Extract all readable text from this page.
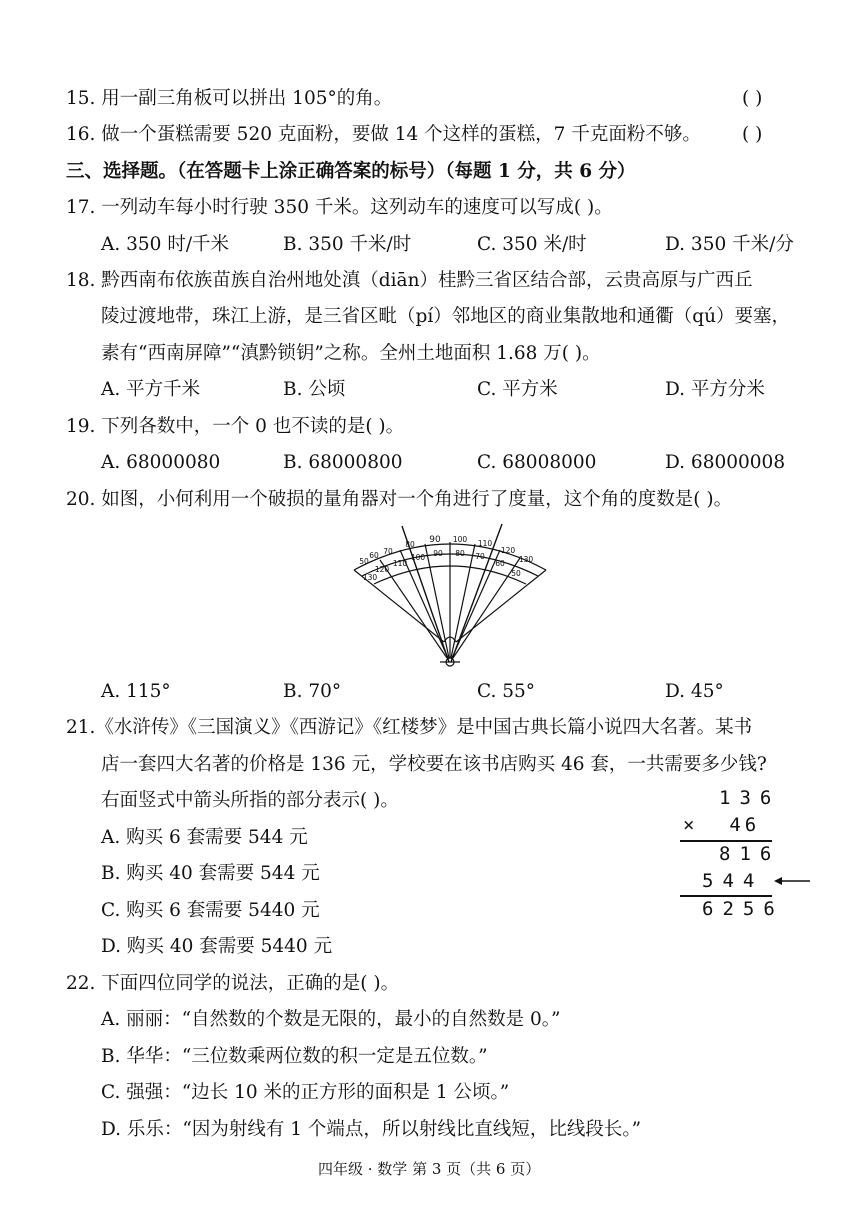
15. 用一副三角板可以拼出 105°的角。	( )
16. 做一个蛋糕需要 520 克面粉，要做 14 个这样的蛋糕，7 千克面粉不够。 ( )
三、选择题。（在答题卡上涂正确答案的标号）（每题 1 分，共 6 分）
17. 一列动车每小时行驶 350 千米。这列动车的速度可以写成( )。
A. 350 时/千米	B. 350 千米/时	C. 350 米/时	D. 350 千米/分
18. 黔西南布依族苗族自治州地处滇（diān）桂黔三省区结合部，云贵高原与广西丘
陵过渡地带，珠江上游，是三省区毗（pí）邻地区的商业集散地和通衢（qú）要塞，
素有“西南屏障”“滇黔锁钥”之称。全州土地面积 1.68 万( )。
A. 平方千米	B. 公顷	C. 平方米	D. 平方分米
19. 下列各数中，一个 0 也不读的是( )。
A. 68000080	B. 68000800	C. 68008000	D. 68000008
20. 如图，小何利用一个破损的量角器对一个角进行了度量，这个角的度数是( )。
70
80 90 100 110
120
130
110
100 90 80 70
60
50
50
60
120
130
A. 115°	B. 70°	C. 55°	D. 45°
21.《水浒传》《三国演义》《西游记》《红楼梦》是中国古典长篇小说四大名著。某书
店一套四大名著的价格是 136 元，学校要在该书店购买 46 套，一共需要多少钱?
右面竖式中箭头所指的部分表示( )。
A. 购买 6 套需要 544 元
B. 购买 40 套需要 544 元
C. 购买 6 套需要 5440 元
D. 购买 40 套需要 5440 元
136
×  46
816
544
6256
22. 下面四位同学的说法，正确的是( )。
A. 丽丽：“自然数的个数是无限的，最小的自然数是 0。”
B. 华华：“三位数乘两位数的积一定是五位数。”
C. 强强：“边长 10 米的正方形的面积是 1 公顷。”
D. 乐乐：“因为射线有 1 个端点，所以射线比直线短，比线段长。”
四年级 · 数学 第 3 页（共 6 页）
